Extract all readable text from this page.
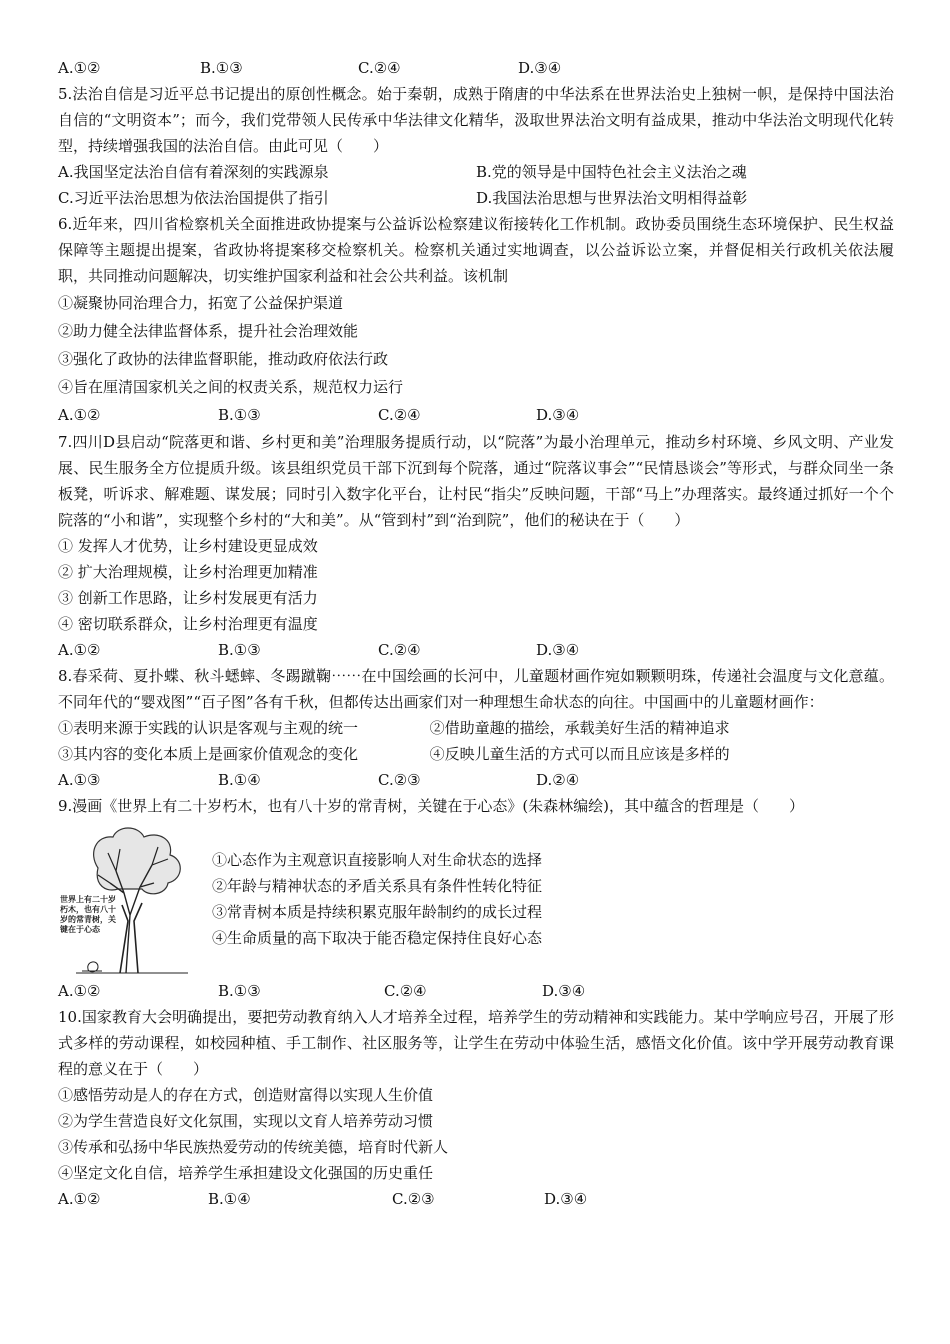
A.①②	B.①③	C.②④	D.③④
5.法治自信是习近平总书记提出的原创性概念。始于秦朝，成熟于隋唐的中华法系在世界法治史上独树一帜，是保持中国法治自信的“文明资本”；而今，我们党带领人民传承中华法律文化精华，汲取世界法治文明有益成果，推动中华法治文明现代化转型，持续增强我国的法治自信。由此可见（　　）
A.我国坚定法治自信有着深刻的实践源泉	B.党的领导是中国特色社会主义法治之魂
C.习近平法治思想为依法治国提供了指引	D.我国法治思想与世界法治文明相得益彰
6.近年来，四川省检察机关全面推进政协提案与公益诉讼检察建议衔接转化工作机制。政协委员围绕生态环境保护、民生权益保障等主题提出提案，省政协将提案移交检察机关。检察机关通过实地调查，以公益诉讼立案，并督促相关行政机关依法履职，共同推动问题解决，切实维护国家利益和社会公共利益。该机制
①凝聚协同治理合力，拓宽了公益保护渠道
②助力健全法律监督体系，提升社会治理效能
③强化了政协的法律监督职能，推动政府依法行政
④旨在厘清国家机关之间的权责关系，规范权力运行
A.①②	B.①③	C.②④	D.③④
7.四川D县启动“院落更和谐、乡村更和美”治理服务提质行动，以“院落”为最小治理单元，推动乡村环境、乡风文明、产业发展、民生服务全方位提质升级。该县组织党员干部下沉到每个院落，通过“院落议事会”“民情恳谈会”等形式，与群众同坐一条板凳，听诉求、解难题、谋发展；同时引入数字化平台，让村民“指尖”反映问题，干部“马上”办理落实。最终通过抓好一个个院落的“小和谐”，实现整个乡村的“大和美”。从“管到村”到“治到院”，他们的秘诀在于（　　）
① 发挥人才优势，让乡村建设更显成效
② 扩大治理规模，让乡村治理更加精准
③ 创新工作思路，让乡村发展更有活力
④ 密切联系群众，让乡村治理更有温度
A.①②	B.①③	C.②④	D.③④
8.春采荷、夏扑蝶、秋斗蟋蟀、冬踢蹴鞠⋯⋯在中国绘画的长河中，儿童题材画作宛如颗颗明珠，传递社会温度与文化意蕴。不同年代的“婴戏图”“百子图”各有千秋，但都传达出画家们对一种理想生命状态的向往。中国画中的儿童题材画作：
①表明来源于实践的认识是客观与主观的统一	②借助童趣的描绘，承载美好生活的精神追求
③其内容的变化本质上是画家价值观念的变化	④反映儿童生活的方式可以而且应该是多样的
A.①③	B.①④	C.②③	D.②④
9.漫画《世界上有二十岁朽木，也有八十岁的常青树，关键在于心态》(朱森林编绘)，其中蕴含的哲理是（　　）
世界上有二十岁
朽木，也有八十
岁的常青树，关
键在于心态
①心态作为主观意识直接影响人对生命状态的选择
②年龄与精神状态的矛盾关系具有条件性转化特征
③常青树本质是持续积累克服年龄制约的成长过程
④生命质量的高下取决于能否稳定保持住良好心态
A.①②	B.①③	C.②④	D.③④
10.国家教育大会明确提出，要把劳动教育纳入人才培养全过程，培养学生的劳动精神和实践能力。某中学响应号召，开展了形式多样的劳动课程，如校园种植、手工制作、社区服务等，让学生在劳动中体验生活，感悟文化价值。该中学开展劳动教育课程的意义在于（　　）
①感悟劳动是人的存在方式，创造财富得以实现人生价值
②为学生营造良好文化氛围，实现以文育人培养劳动习惯
③传承和弘扬中华民族热爱劳动的传统美德，培育时代新人
④坚定文化自信，培养学生承担建设文化强国的历史重任
A.①②	B.①④	C.②③	D.③④
